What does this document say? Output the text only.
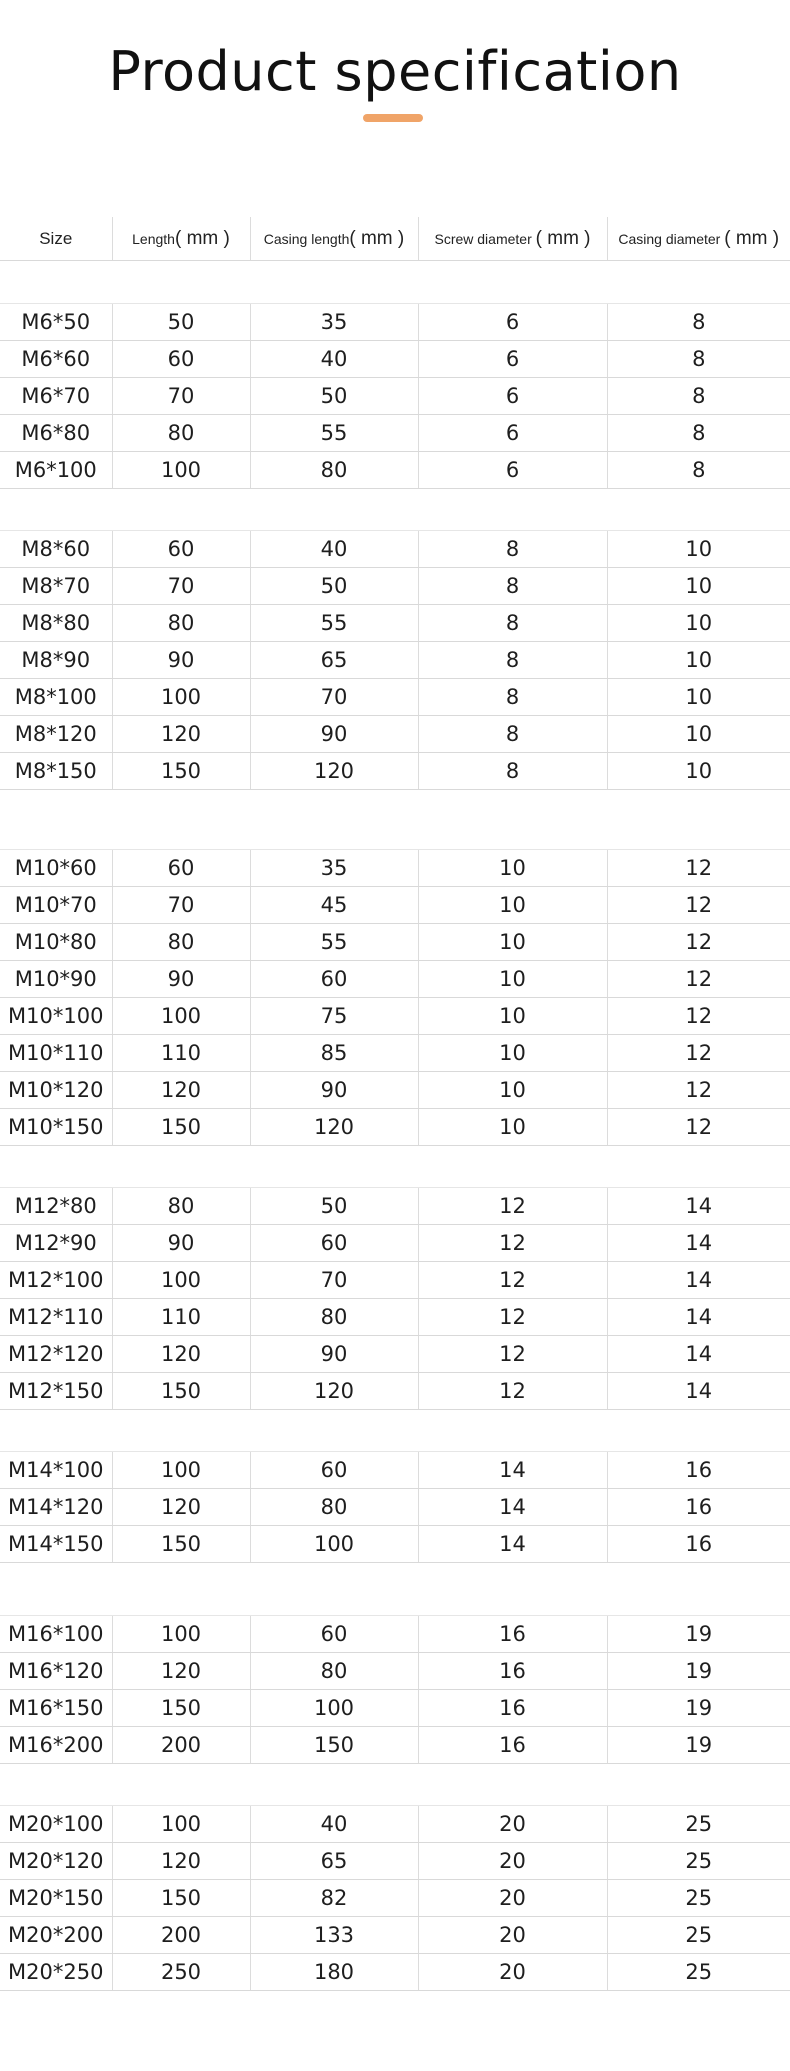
Product specification
Size	Length( mm )	Casing length( mm )	Screw diameter ( mm )	Casing diameter ( mm )

M6*50	50	35	6	8
M6*60	60	40	6	8
M6*70	70	50	6	8
M6*80	80	55	6	8
M6*100	100	80	6	8

M8*60	60	40	8	10
M8*70	70	50	8	10
M8*80	80	55	8	10
M8*90	90	65	8	10
M8*100	100	70	8	10
M8*120	120	90	8	10
M8*150	150	120	8	10

M10*60	60	35	10	12
M10*70	70	45	10	12
M10*80	80	55	10	12
M10*90	90	60	10	12
M10*100	100	75	10	12
M10*110	110	85	10	12
M10*120	120	90	10	12
M10*150	150	120	10	12

M12*80	80	50	12	14
M12*90	90	60	12	14
M12*100	100	70	12	14
M12*110	110	80	12	14
M12*120	120	90	12	14
M12*150	150	120	12	14

M14*100	100	60	14	16
M14*120	120	80	14	16
M14*150	150	100	14	16

M16*100	100	60	16	19
M16*120	120	80	16	19
M16*150	150	100	16	19
M16*200	200	150	16	19

M20*100	100	40	20	25
M20*120	120	65	20	25
M20*150	150	82	20	25
M20*200	200	133	20	25
M20*250	250	180	20	25
